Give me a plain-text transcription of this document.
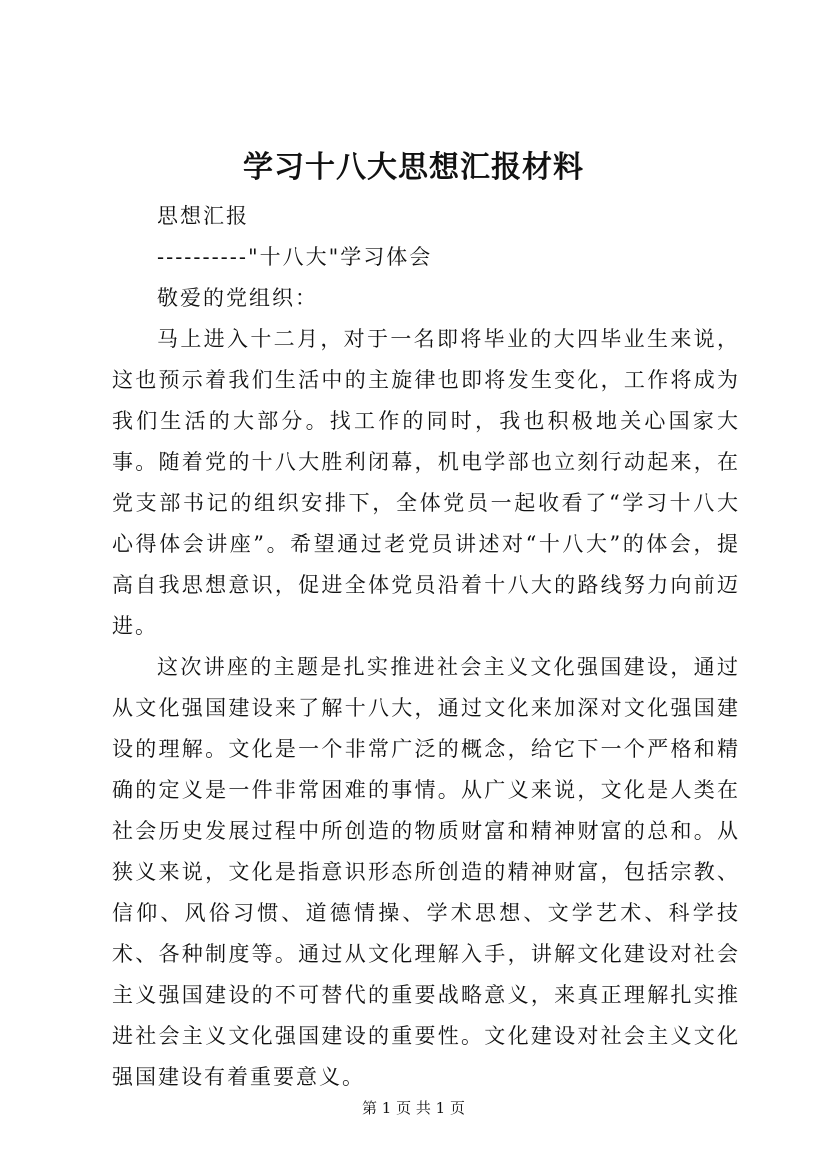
学习十八大思想汇报材料

思想汇报

----------"十八大"学习体会

敬爱的党组织：

马上进入十二月，对于一名即将毕业的大四毕业生来说，这也预示着我们生活中的主旋律也即将发生变化，工作将成为我们生活的大部分。找工作的同时，我也积极地关心国家大事。随着党的十八大胜利闭幕，机电学部也立刻行动起来，在党支部书记的组织安排下，全体党员一起收看了“学习十八大心得体会讲座”。希望通过老党员讲述对“十八大”的体会，提高自我思想意识，促进全体党员沿着十八大的路线努力向前迈进。

这次讲座的主题是扎实推进社会主义文化强国建设，通过从文化强国建设来了解十八大，通过文化来加深对文化强国建设的理解。文化是一个非常广泛的概念，给它下一个严格和精确的定义是一件非常困难的事情。从广义来说，文化是人类在社会历史发展过程中所创造的物质财富和精神财富的总和。从狭义来说，文化是指意识形态所创造的精神财富，包括宗教、信仰、风俗习惯、道德情操、学术思想、文学艺术、科学技术、各种制度等。通过从文化理解入手，讲解文化建设对社会主义强国建设的不可替代的重要战略意义，来真正理解扎实推进社会主义文化强国建设的重要性。文化建设对社会主义文化强国建设有着重要意义。

第 1 页 共 1 页
